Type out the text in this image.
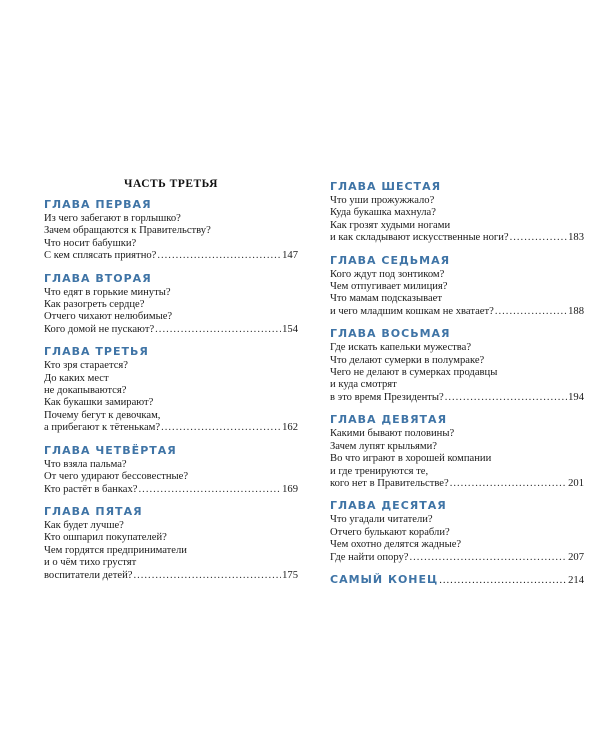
ЧАСТЬ ТРЕТЬЯ
ГЛАВА ПЕРВАЯ
Из чего забегают в горлышко?
Зачем обращаются к Правительству?
Что носит бабушки?
С кем сплясать приятно? .....	147
ГЛАВА ВТОРАЯ
Что едят в горькие минуты?
Как разогреть сердце?
Отчего чихают нелюбимые?
Кого домой не пускают? .....	154
ГЛАВА ТРЕТЬЯ
Кто зря старается?
До каких мест
не докапываются?
Как букашки замирают?
Почему бегут к девочкам,
а прибегают к тётенькам? .....	162
ГЛАВА ЧЕТВЁРТАЯ
Что взяла пальма?
От чего удирают бессовестные?
Кто растёт в банках? .....	169
ГЛАВА ПЯТАЯ
Как будет лучше?
Кто ошпарил покупателей?
Чем гордятся предприниматели
и о чём тихо грустят
воспитатели детей? .....	175
ГЛАВА ШЕСТАЯ
Что уши прожужжало?
Куда букашка махнула?
Как грозят худыми ногами
и как складывают искусственные ноги? .....	183
ГЛАВА СЕДЬМАЯ
Кого ждут под зонтиком?
Чем отпугивает милиция?
Что мамам подсказывает
и чего младшим кошкам не хватает? .....	188
ГЛАВА ВОСЬМАЯ
Где искать капельки мужества?
Что делают сумерки в полумраке?
Чего не делают в сумерках продавцы
и куда смотрят
в это время Президенты? .....	194
ГЛАВА ДЕВЯТАЯ
Какими бывают половины?
Зачем лупят крыльями?
Во что играют в хорошей компании
и где тренируются те,
кого нет в Правительстве? .....	201
ГЛАВА ДЕСЯТАЯ
Что угадали читатели?
Отчего булькают корабли?
Чем охотно делятся жадные?
Где найти опору? .....	207
САМЫЙ КОНЕЦ .....	214
